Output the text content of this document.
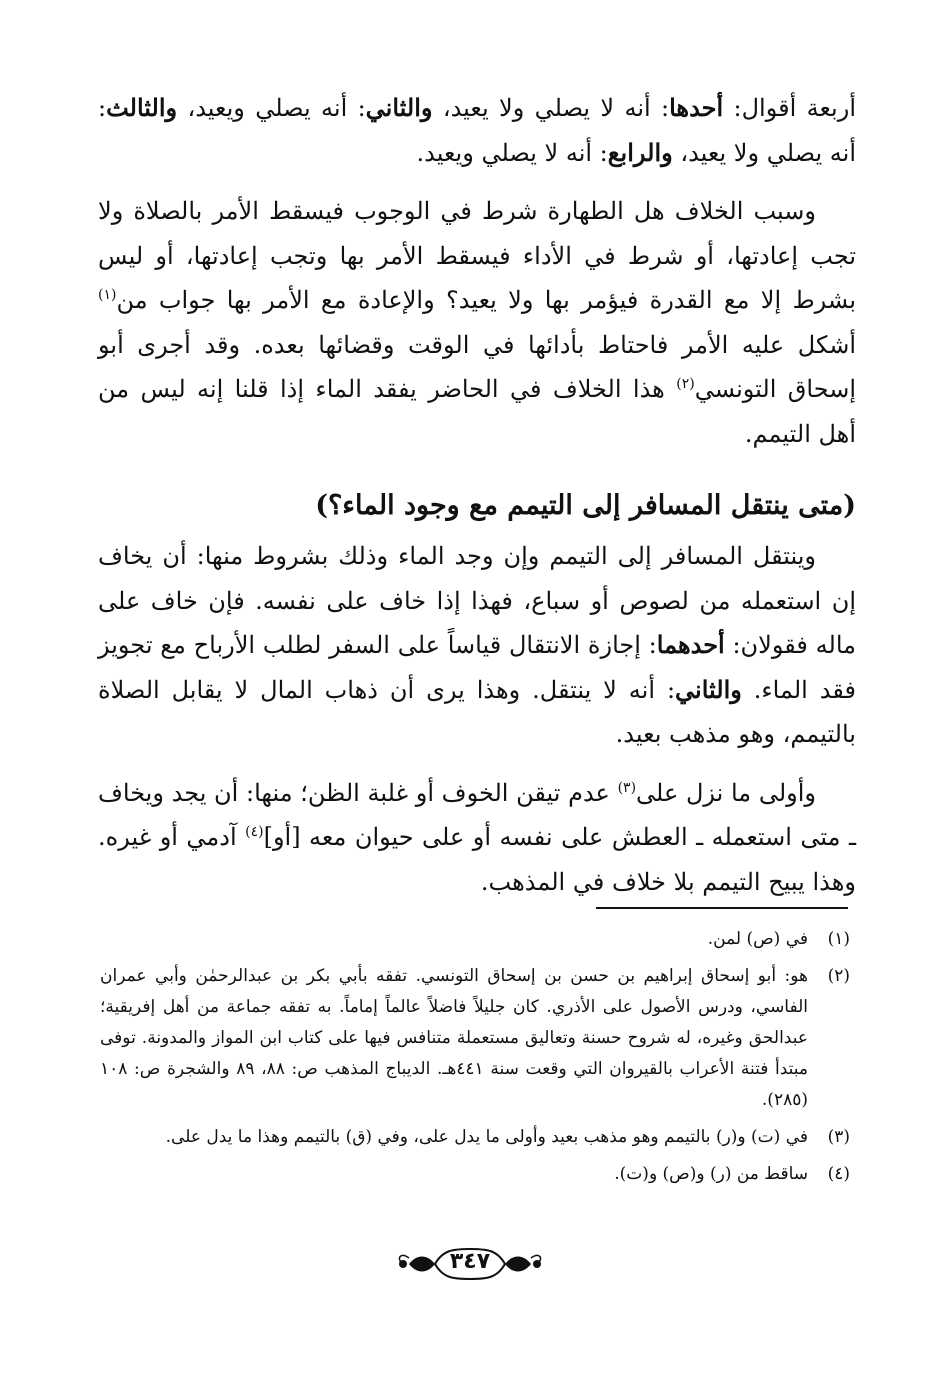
أربعة أقوال: أحدها: أنه لا يصلي ولا يعيد، والثاني: أنه يصلي ويعيد، والثالث: أنه يصلي ولا يعيد، والرابع: أنه لا يصلي ويعيد.

وسبب الخلاف هل الطهارة شرط في الوجوب فيسقط الأمر بالصلاة ولا تجب إعادتها، أو شرط في الأداء فيسقط الأمر بها وتجب إعادتها، أو ليس بشرط إلا مع القدرة فيؤمر بها ولا يعيد؟ والإعادة مع الأمر بها جواب من$^{(١)}$ أشكل عليه الأمر فاحتاط بأدائها في الوقت وقضائها بعده. وقد أجرى أبو إسحاق التونسي$^{(٢)}$ هذا الخلاف في الحاضر يفقد الماء إذا قلنا إنه ليس من أهل التيمم.

(متى ينتقل المسافر إلى التيمم مع وجود الماء؟)

وينتقل المسافر إلى التيمم وإن وجد الماء وذلك بشروط منها: أن يخاف إن استعمله من لصوص أو سباع، فهذا إذا خاف على نفسه. فإن خاف على ماله فقولان: أحدهما: إجازة الانتقال قياساً على السفر لطلب الأرباح مع تجويز فقد الماء. والثاني: أنه لا ينتقل. وهذا يرى أن ذهاب المال لا يقابل الصلاة بالتيمم، وهو مذهب بعيد.

وأولى ما نزل على$^{(٣)}$ عدم تيقن الخوف أو غلبة الظن؛ منها: أن يجد ويخاف ـ متى استعمله ـ العطش على نفسه أو على حيوان معه [أو]$^{(٤)}$ آدمي أو غيره. وهذا يبيح التيمم بلا خلاف في المذهب.

(١)
في (ص) لمن.
(٢)
هو: أبو إسحاق إبراهيم بن حسن بن إسحاق التونسي. تفقه بأبي بكر بن عبدالرحمٰن وأبي عمران الفاسي، ودرس الأصول على الأذري. كان جليلاً فاضلاً عالماً إماماً. به تفقه جماعة من أهل إفريقية؛ عبدالحق وغيره، له شروح حسنة وتعاليق مستعملة متنافس فيها على كتاب ابن المواز والمدونة. توفى مبتدأ فتنة الأعراب بالقيروان التي وقعت سنة ٤٤١هـ. الديباج المذهب ص: ٨٨، ٨٩ والشجرة ص: ١٠٨ (٢٨٥).
(٣)
في (ت) و(ر) بالتيمم وهو مذهب بعيد وأولى ما يدل على، وفي (ق) بالتيمم وهذا ما يدل على.
(٤)
ساقط من (ر) و(ص) و(ت).
٣٤٧
